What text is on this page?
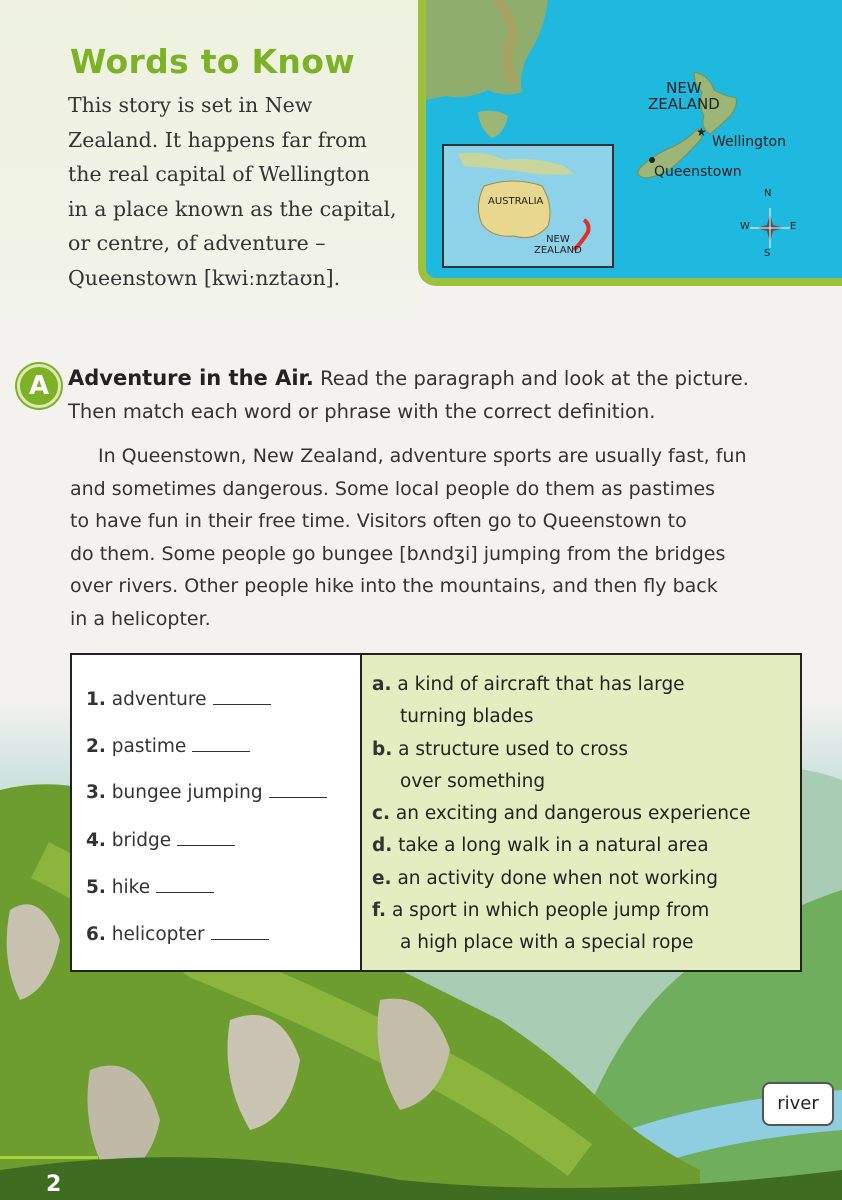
Words to Know
This story is set in New
Zealand. It happens far from
the real capital of Wellington
in a place known as the capital,
or centre, of adventure –
Queenstown [kwiːnztaʊn].
★
NEW
ZEALAND
Wellington
Queenstown
N
S
E
W
AUSTRALIA
NEW
ZEALAND
A Adventure in the Air. Read the paragraph and look at the picture.
Then match each word or phrase with the correct definition.
In Queenstown, New Zealand, adventure sports are usually fast, fun
and sometimes dangerous. Some local people do them as pastimes
to have fun in their free time. Visitors often go to Queenstown to
do them. Some people go bungee [bʌndʒi] jumping from the bridges
over rivers. Other people hike into the mountains, and then fly back
in a helicopter.
1. adventure
2. pastime
3. bungee jumping
4. bridge
5. hike
6. helicopter
a. a kind of aircraft that has large
turning blades
b. a structure used to cross
over something
c. an exciting and dangerous experience
d. take a long walk in a natural area
e. an activity done when not working
f. a sport in which people jump from
a high place with a special rope
river
2
